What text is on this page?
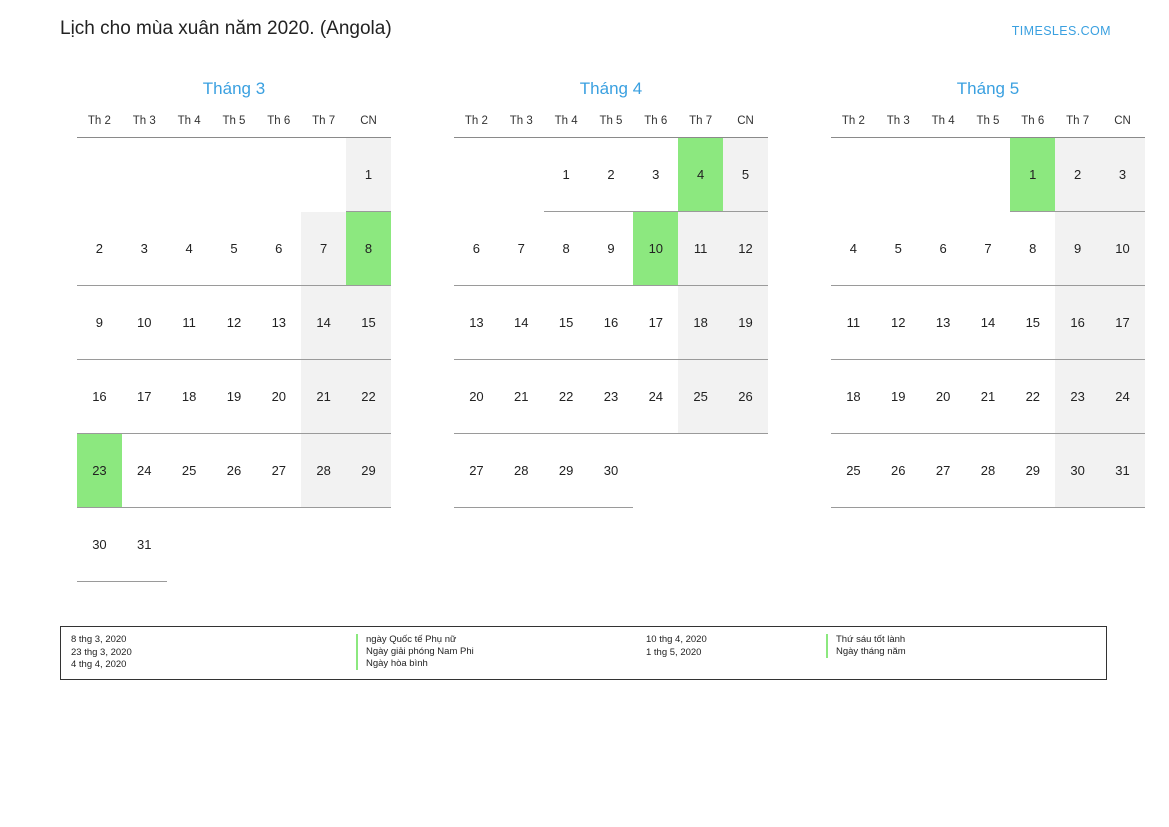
Lịch cho mùa xuân năm 2020. (Angola)	TIMESLES.COM
Tháng 3
Th 2	Th 3	Th 4	Th 5	Th 6	Th 7	CN
						1
2	3	4	5	6	7	8
9	10	11	12	13	14	15
16	17	18	19	20	21	22
23	24	25	26	27	28	29
30	31					
Tháng 4
Th 2	Th 3	Th 4	Th 5	Th 6	Th 7	CN
		1	2	3	4	5
6	7	8	9	10	11	12
13	14	15	16	17	18	19
20	21	22	23	24	25	26
27	28	29	30			
Tháng 5
Th 2	Th 3	Th 4	Th 5	Th 6	Th 7	CN
				1	2	3
4	5	6	7	8	9	10
11	12	13	14	15	16	17
18	19	20	21	22	23	24
25	26	27	28	29	30	31
8 thg 3, 2020
23 thg 3, 2020
4 thg 4, 2020
ngày Quốc tế Phụ nữ
Ngày giải phóng Nam Phi
Ngày hòa bình
10 thg 4, 2020
1 thg 5, 2020
Thứ sáu tốt lành
Ngày tháng năm
